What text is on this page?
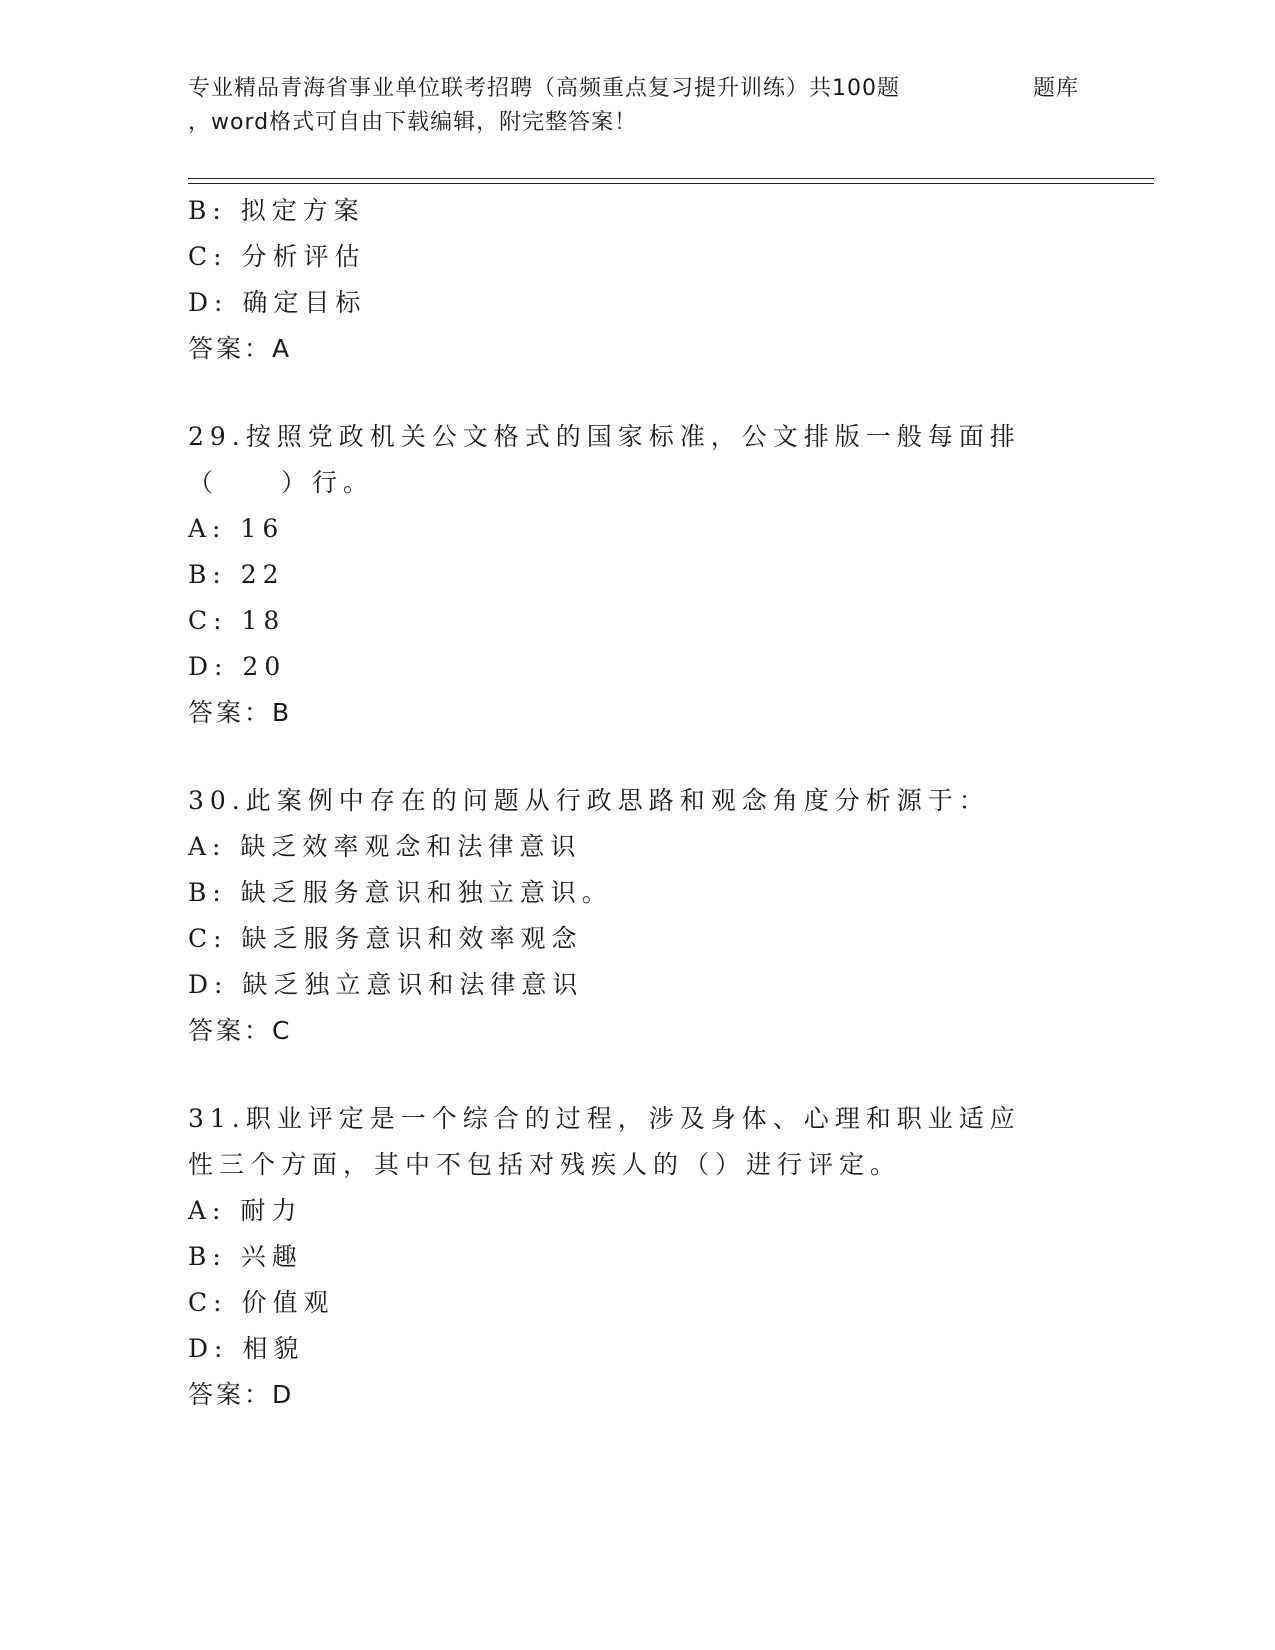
专业精品青海省事业单位联考招聘（高频重点复习提升训练）共100题	题库
，word格式可自由下载编辑，附完整答案！
B: 拟定方案
C: 分析评估
D: 确定目标
答案：A
29.按照党政机关公文格式的国家标准，公文排版一般每面排（　　）行。
A: 16
B: 22
C: 18
D: 20
答案：B
30.此案例中存在的问题从行政思路和观念角度分析源于：
A: 缺乏效率观念和法律意识
B: 缺乏服务意识和独立意识。
C: 缺乏服务意识和效率观念
D: 缺乏独立意识和法律意识
答案：C
31.职业评定是一个综合的过程，涉及身体、心理和职业适应性三个方面，其中不包括对残疾人的（）进行评定。
A: 耐力
B: 兴趣
C: 价值观
D: 相貌
答案：D
